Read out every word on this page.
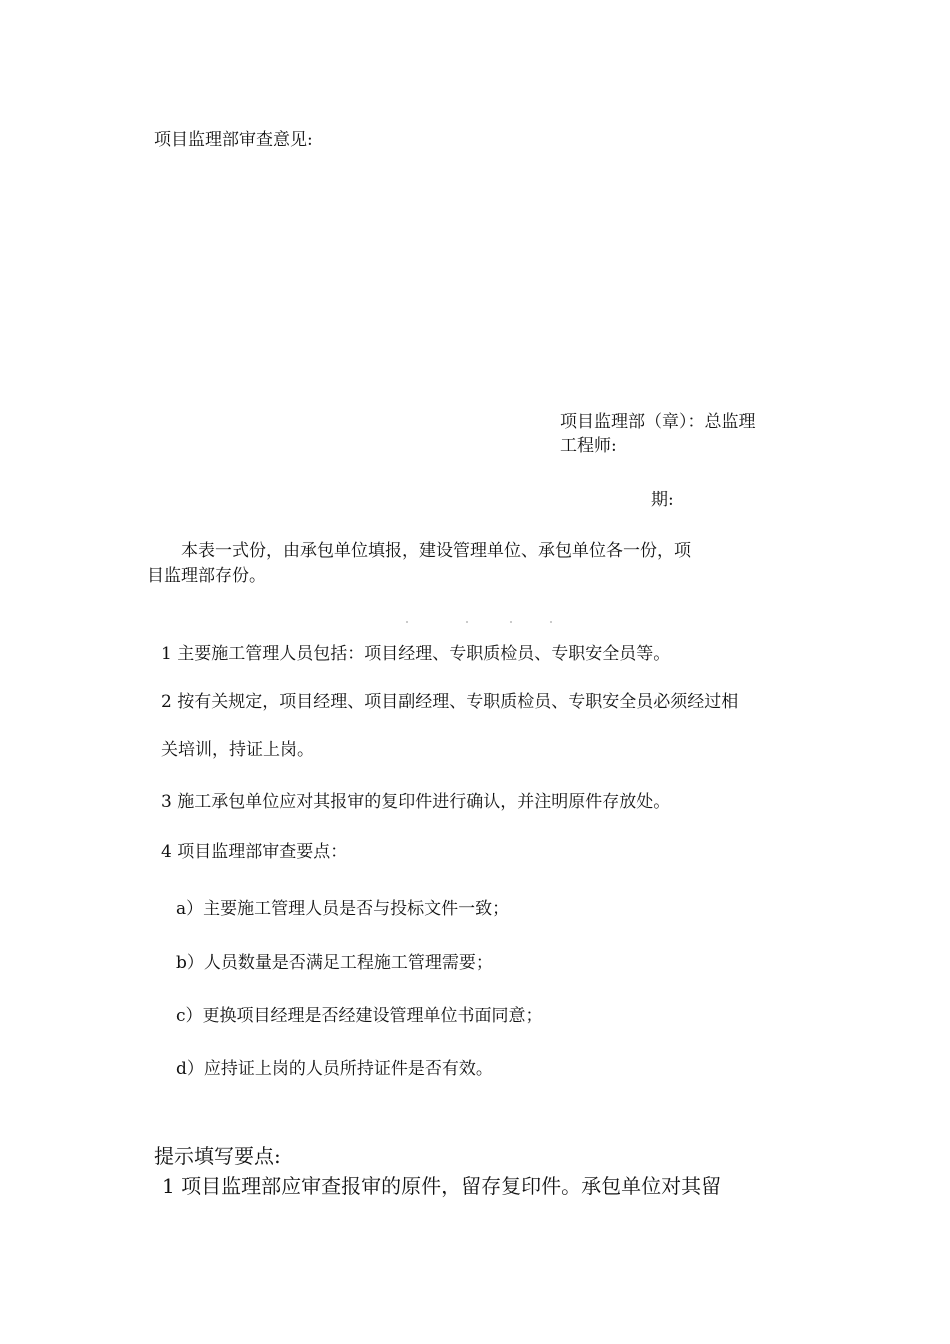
项目监理部审查意见:
项目监理部（章）：总监理
工程师:
期:
本表一式份，由承包单位填报，建设管理单位、承包单位各一份，项
目监理部存份。
1 主要施工管理人员包括：项目经理、专职质检员、专职安全员等。
2 按有关规定，项目经理、项目副经理、专职质检员、专职安全员必须经过相
关培训，持证上岗。
3 施工承包单位应对其报审的复印件进行确认，并注明原件存放处。
4 项目监理部审查要点：
a）主要施工管理人员是否与投标文件一致；
b）人员数量是否满足工程施工管理需要；
c）更换项目经理是否经建设管理单位书面同意；
d）应持证上岗的人员所持证件是否有效。
提示填写要点:
1 项目监理部应审查报审的原件，留存复印件。承包单位对其留
